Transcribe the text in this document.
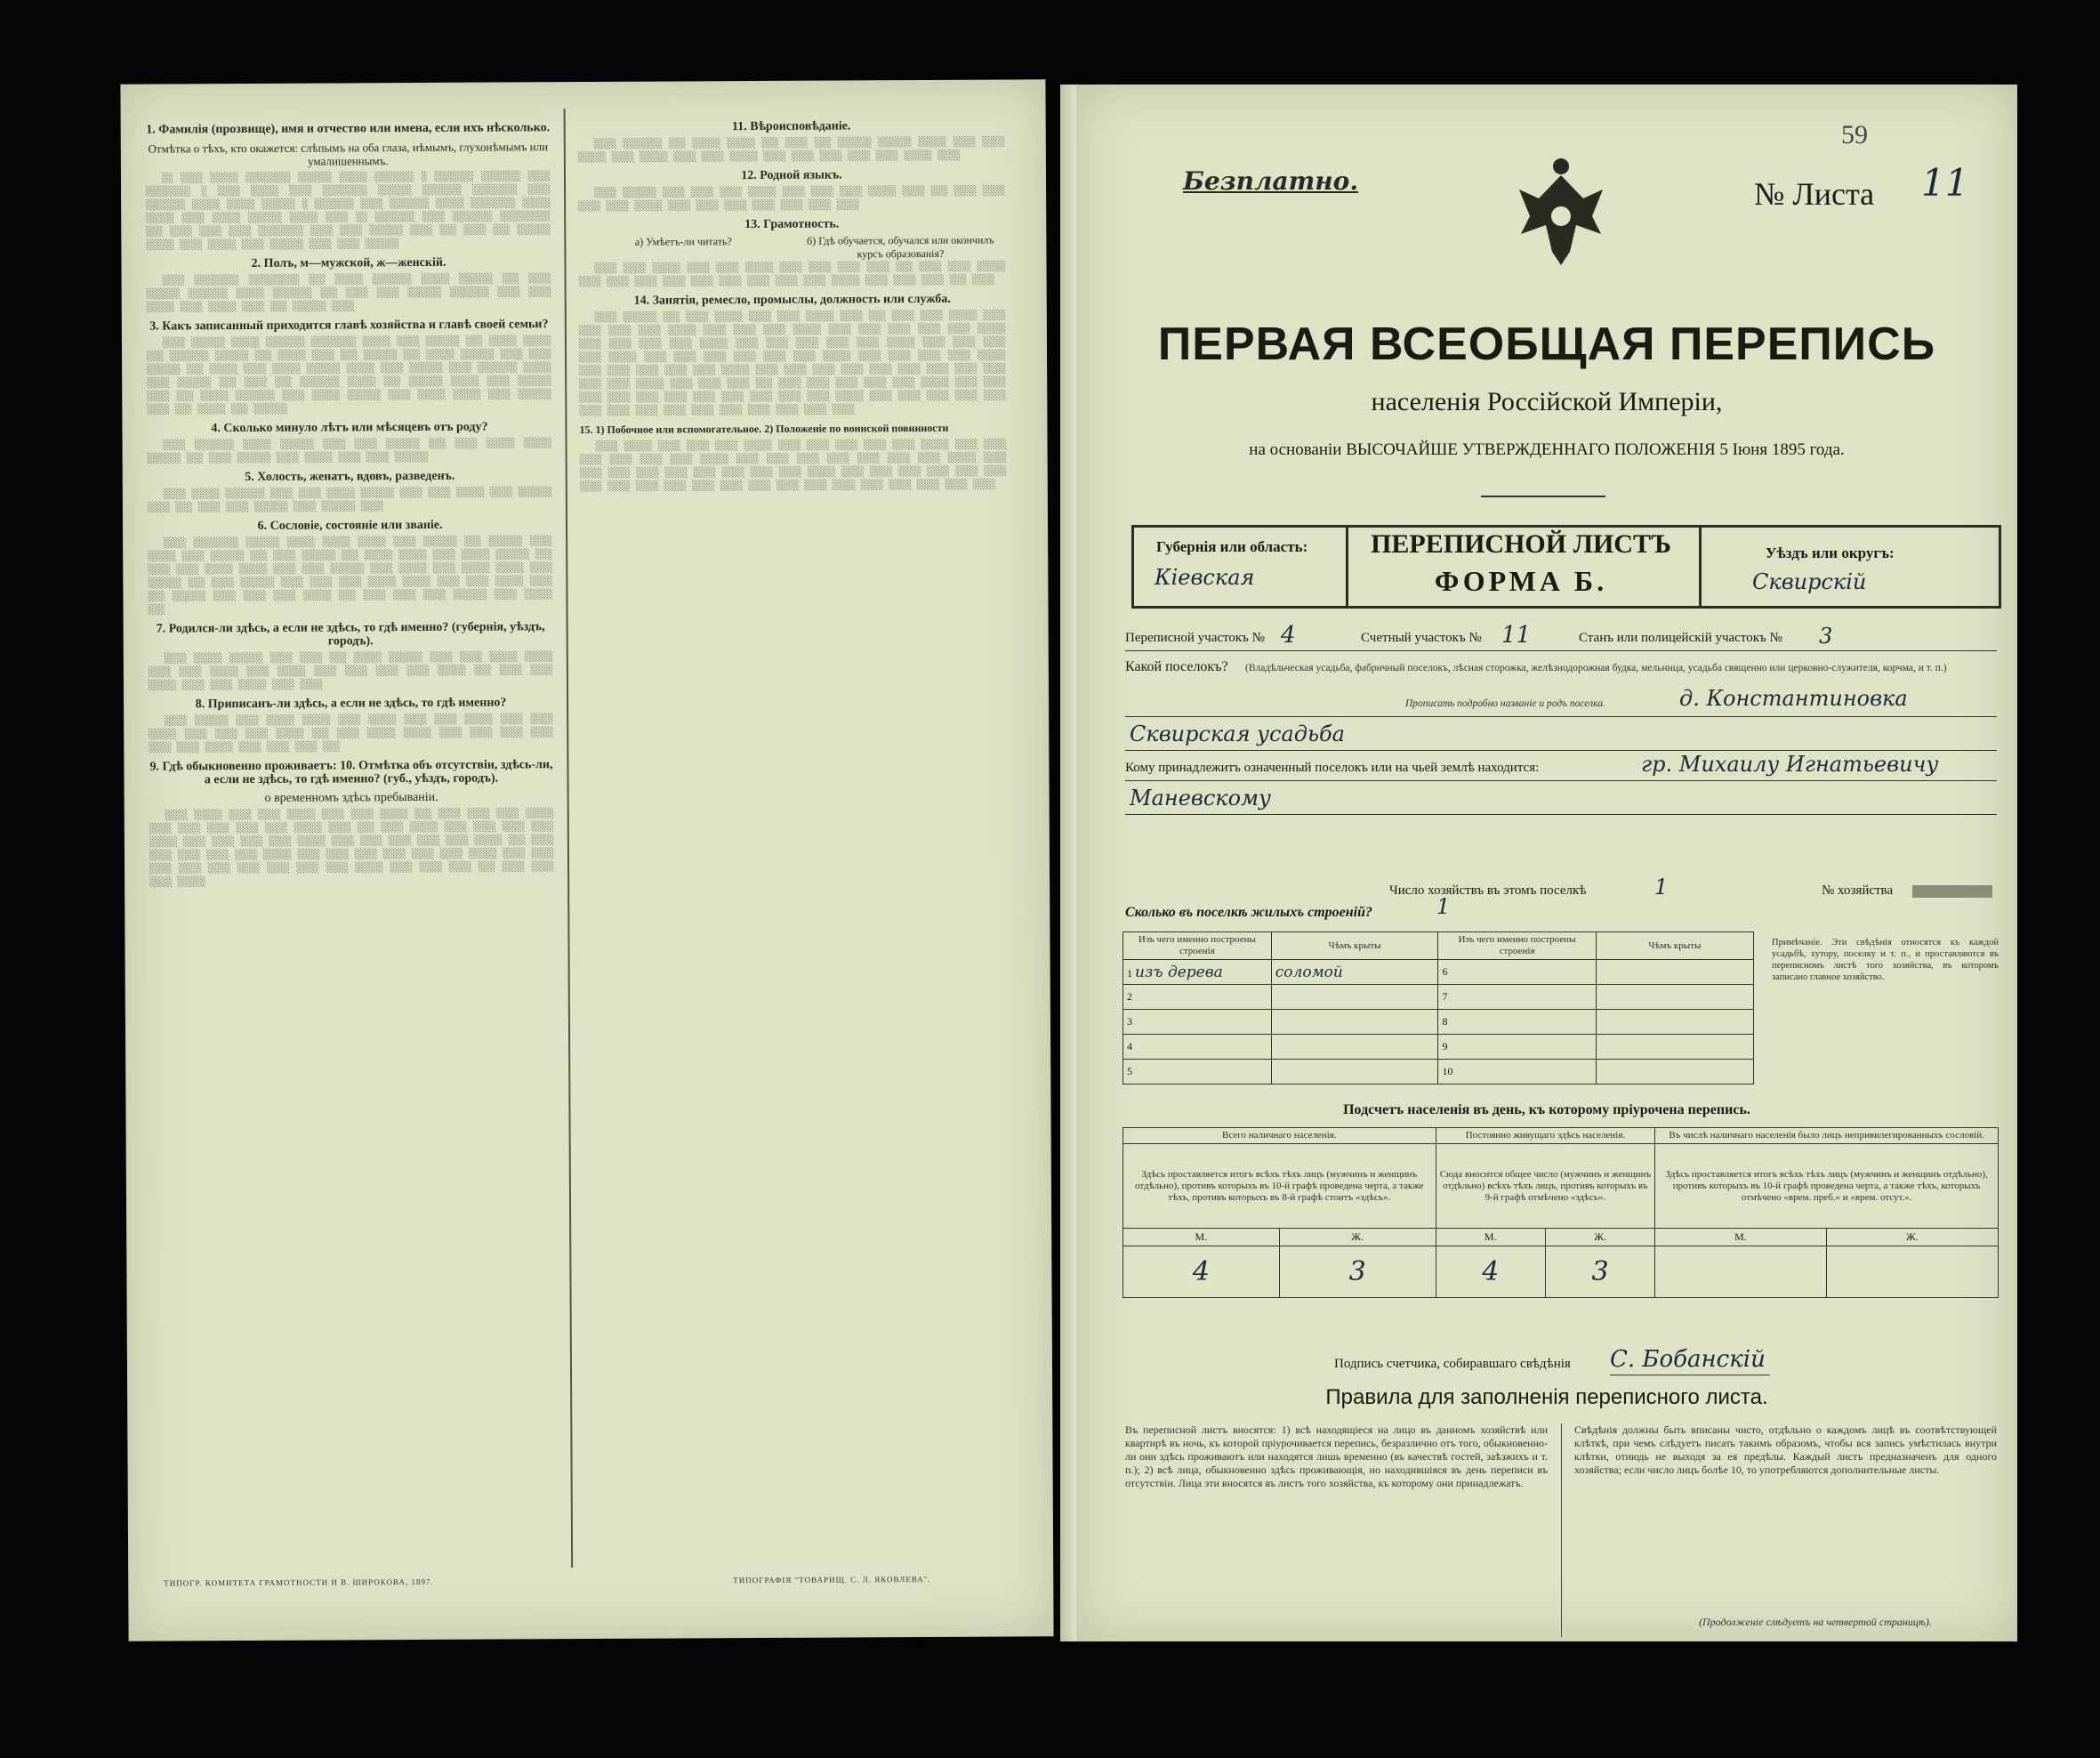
1. Фамилія (прозвище), имя и отчество или имена, если ихъ нѣсколько.
Отмѣтка о тѣхъ, кто окажется: слѣпымъ на оба глаза, нѣмымъ, глухонѣмымъ или умалишеннымъ.

░░ ░░░░ ░░░░░ ░░░░░░░░ ░░░░░░ ░░░░░ ░░░░░░░ ░ ░░░░░░░ ░░░░░░░ ░░░░ ░░░░░░░░ ░ ░░░░ ░░░░░ ░░░░ ░░░░░░░░ ░░░░░░ ░░░░░░░ ░░░░░░░░ ░░░░ ░░░░░░░ ░░░░░ ░░░░░ ░░░░░░ ░ ░░░░░░░ ░░░░ ░░░░░░░ ░░░░░ ░░░░░░░░ ░░░░░ ░░░░░ ░░░░ ░░░░░ ░░░░░░ ░░░░░ ░░░░ ░░ ░░░░░░░ ░░░░ ░░░░░░░ ░░░░░░░░░ ░░░ ░░░░ ░░░░ ░░░░ ░░░░░░░░ ░░░░ ░░░░ ░░░░░░ ░░░░ ░░░ ░░░░ ░░░ ░░░░░░ ░░░░░ ░░░░ ░░░░░ ░░░░ ░░░░░░ ░░░░ ░░░░ ░░░░░░

2. Полъ, м—мужской, ж—женскій.

░░░░ ░░░░░░░░ ░░░░░░░░░ ░░░ ░░░░░ ░░░░░░░ ░░░░░ ░░░░░░ ░░░ ░░░░ ░░░░░░ ░░░░░░░ ░░░░░ ░░░░░░░ ░░░ ░░░░ ░░░░ ░░░░░░ ░░░░░░░ ░░░░ ░░░░ ░░░░░ ░░░░ ░░░░░ ░░░░ ░░░ ░░░░░░ ░░░░

3. Какъ записанный приходится главѣ хозяйства и главѣ своей семьи?

░░░░ ░░░░░░ ░░░░░ ░░░░░░░ ░░░░░░░░ ░░░░░ ░░░░ ░░░░░░ ░░░ ░░░░░ ░░░░░ ░░░ ░░░░░░░ ░░░░░░ ░░░ ░░░░░ ░░░░ ░░░ ░░░░░░ ░░░ ░░░░░ ░░░░░░ ░░░░ ░░░░ ░░░░░░ ░░░ ░░░░░ ░░░░ ░░░░░ ░░░░░░ ░░░░░ ░░░░ ░░░░░░ ░░░░ ░░░░░░░ ░░░░░ ░░░░ ░░░░░░ ░░░ ░░░░ ░░░ ░░░░░░░ ░░░░░ ░░░ ░░░░░░ ░░░░░ ░░░░ ░░░░░░ ░░░░ ░░░ ░░░░░ ░░░░░░░ ░░░░ ░░░░░ ░░░░░░ ░░░░ ░░░░░ ░░░░░ ░░░░ ░░░░░░ ░░░░ ░░░ ░░░░░ ░░░ ░░░░░░

4. Сколько минуло лѣтъ или мѣсяцевъ отъ роду?

░░░░ ░░░░░░░ ░░░░░ ░░░░░░ ░░░░ ░░░░ ░░░░░░ ░░░ ░░░░ ░░░░░ ░░░░░ ░░░░░░ ░░░ ░░░░ ░░░░░░ ░░░░ ░░░░░ ░░░░ ░░░░ ░░░░░░

5. Холость, женатъ, вдовъ, разведенъ.

░░░░ ░░░░░ ░░░░░░░ ░░░░ ░░░░ ░░░░░ ░░░░░░ ░░░░ ░░░░ ░░░░░ ░░░░ ░░░░░░ ░░░░ ░░░ ░░░░ ░░░░ ░░░░░░ ░░░░ ░░░░░░ ░░░░

6. Сословіе, состояніе или званіе.

░░░░ ░░░░░░░░ ░░░░░░ ░░░░░ ░░░░░ ░░░░░ ░░░░ ░░░░░░ ░░░ ░░░░░░ ░░░░ ░░░░░ ░░░░ ░░░░░░ ░░░ ░░░░ ░░░░░░ ░░░ ░░░░░ ░░░░░ ░░░░ ░░░░░ ░░░░░░ ░░░ ░░░░ ░░░░ ░░░░░ ░░░░░ ░░░░ ░░░░ ░░░░░░ ░░░░ ░░░░░ ░░░░ ░░░░░ ░░░░░ ░░░░ ░░░░░░ ░░░ ░░░░ ░░░░░░ ░░░░ ░░░░ ░░░░ ░░░░░ ░░░░░ ░░░░ ░░░░ ░░░░░ ░░░░ ░░░ ░░░░░░ ░░░░ ░░░░ ░░░░ ░░░░░ ░░░ ░░░░ ░░░░ ░░░░ ░░░░░░ ░░░░ ░░░░░ ░░░

7. Родился-ли здѣсь, а если не здѣсь, то гдѣ именно? (губернія, уѣздъ, городъ).

░░░░ ░░░░░ ░░░░░░ ░░░░ ░░░░ ░░░ ░░░░░ ░░░░░░ ░░░░ ░░░░ ░░░░░ ░░░░░ ░░░░ ░░░░ ░░░░░ ░░░░ ░░░░░ ░░░░ ░░░░ ░░░░ ░░░░ ░░░░░ ░░░ ░░░░ ░░░░ ░░░░░ ░░░░ ░░░░ ░░░░░ ░░░░ ░░░░

8. Приписанъ-ли здѣсь, а если не здѣсь, то гдѣ именно?

░░░░ ░░░░░░ ░░░░ ░░░░░ ░░░░░ ░░░░ ░░░░░ ░░░░ ░░░░ ░░░░░ ░░░░ ░░░░ ░░░░░ ░░░░ ░░░░ ░░░░ ░░░░░ ░░░ ░░░░ ░░░░░ ░░░░░ ░░░░ ░░░░ ░░░░ ░░░░ ░░░░ ░░░░ ░░░░░ ░░░░ ░░░░ ░░░░ ░░░

9. Гдѣ обыкновенно проживаетъ: 10. Отмѣтка объ отсутствіи, здѣсь-ли, а если не здѣсь, то гдѣ именно? (губ., уѣздъ, городъ).
о временномъ здѣсь пребываніи.

░░░░ ░░░░░ ░░░░ ░░░░ ░░░░░ ░░░░ ░░░░ ░░░░░ ░░░ ░░░░ ░░░░ ░░░░ ░░░░░ ░░░░ ░░░░ ░░░░ ░░░░ ░░░░ ░░░░░ ░░░░ ░░░ ░░░░ ░░░░░ ░░░░ ░░░░ ░░░░ ░░░░ ░░░░░ ░░░░ ░░░░ ░░░░ ░░░░ ░░░░░ ░░░░ ░░░░ ░░░░ ░░░░ ░░░░ ░░░░░ ░░░ ░░░░ ░░░░ ░░░░ ░░░░ ░░░░ ░░░░░ ░░░░ ░░░░ ░░░░ ░░░░ ░░░░ ░░░░ ░░░░░ ░░░░ ░░░░ ░░░░ ░░░░ ░░░░ ░░░░ ░░░░ ░░░░ ░░░░ ░░░░░ ░░░░ ░░░░ ░░░░ ░░░ ░░░░ ░░░░ ░░░░ ░░░░░

11. Вѣроисповѣданіе.

░░░░ ░░░░░░░ ░░░ ░░░░░ ░░░░░ ░░░ ░░░░ ░░░ ░░░░░░ ░░░░░░ ░░░░░ ░░░░ ░░░░ ░░░░░ ░░░░ ░░░░░ ░░░░ ░░░░ ░░░░░ ░░░░ ░░░░ ░░░░ ░░░░ ░░░░ ░░░░░ ░░░░

12. Родной языкъ.

░░░░ ░░░░░░ ░░░░ ░░░░ ░░░░ ░░░░░ ░░░░ ░░░░ ░░░░ ░░░░░ ░░░░ ░░░ ░░░░ ░░░░ ░░░░ ░░░░ ░░░░░ ░░░░ ░░░░ ░░░░ ░░░░ ░░░░ ░░░░ ░░░░

13. Грамотность.
а) Умѣетъ-ли читать?	б) Гдѣ обучается, обучался или окончилъ курсъ образованія?

░░░░ ░░░░ ░░░░░ ░░░░ ░░░░ ░░░░░ ░░░░ ░░░░ ░░░░ ░░░░ ░░░ ░░░░ ░░░░ ░░░░░ ░░░░ ░░░░ ░░░░ ░░░░ ░░░░ ░░░░ ░░░░ ░░░░ ░░░░ ░░░░░ ░░░░ ░░░░ ░░░░ ░░░ ░░░░

14. Занятія, ремесло, промыслы, должность или служба.

░░░░ ░░░░░░ ░░░ ░░░░ ░░░░░ ░░░░ ░░░░ ░░░░░ ░░░░ ░░░ ░░░░ ░░░░ ░░░░░ ░░░░ ░░░░ ░░░░ ░░░░ ░░░░░ ░░░░ ░░░░ ░░░░ ░░░░░ ░░░░ ░░░░ ░░░░ ░░░░ ░░░░ ░░░░░ ░░░░ ░░░░ ░░░░ ░░░░ ░░░░░ ░░░░ ░░░░ ░░░░ ░░░░ ░░░░ ░░░░░ ░░░░ ░░░░ ░░░░ ░░░░ ░░░░░ ░░░░ ░░░░ ░░░░ ░░░░ ░░░░ ░░░░ ░░░░░ ░░░░ ░░░░ ░░░░ ░░░░ ░░░░░ ░░░░ ░░░░ ░░░░ ░░░░ ░░░░ ░░░░░ ░░░░ ░░░░ ░░░░ ░░░░ ░░░░ ░░░░ ░░░░ ░░░░ ░░░░ ░░░░ ░░░░ ░░░░░ ░░░░ ░░░░ ░░░░ ░░░ ░░░░ ░░░░ ░░░░ ░░░░ ░░░░ ░░░░░ ░░░░ ░░░░ ░░░░ ░░░░ ░░░░ ░░░░ ░░░░ ░░░░ ░░░░ ░░░░ ░░░░ ░░░░░ ░░░░ ░░░░ ░░░░ ░░░░ ░░░░ ░░░░ ░░░░ ░░░░ ░░░░ ░░░░ ░░░░ ░░░░ ░░░░ ░░░░ ░░░░

15. 1) Побочное или вспомогательное. 2) Положеніе по воинской повинности

░░░░ ░░░░░ ░░░░ ░░░░ ░░░░ ░░░░░ ░░░░ ░░░░ ░░░░ ░░░░ ░░░░ ░░░░░ ░░░░ ░░░░ ░░░░ ░░░░ ░░░░ ░░░░ ░░░░░ ░░░░ ░░░░ ░░░░ ░░░░ ░░░░ ░░░░ ░░░░ ░░░░░ ░░░░ ░░░░ ░░░░ ░░░░ ░░░░ ░░░░ ░░░░ ░░░░ ░░░░ ░░░░░ ░░░░ ░░░░ ░░░░ ░░░░ ░░░░ ░░░░ ░░░░ ░░░░ ░░░░ ░░░░ ░░░░ ░░░░ ░░░░ ░░░░ ░░░░ ░░░░ ░░░░ ░░░░ ░░░░ ░░░░ ░░░░

ТИПОГР. КОМИТЕТА ГРАМОТНОСТИ И В. ШИРОКОВА, 1897.	ТИПОГРАФІЯ "ТОВАРИЩ. С. Л. ЯКОВЛЕВА".
59
Безплатно.	№ Листа 11
ПЕРВАЯ ВСЕОБЩАЯ ПЕРЕПИСЬ
населенія Россійской Имперіи,
на основаніи ВЫСОЧАЙШЕ УТВЕРЖДЕННАГО ПОЛОЖЕНІЯ 5 Іюня 1895 года.
Губернія или область:
Кіевская
ПЕРЕПИСНОЙ ЛИСТЪ
ФОРМА Б.
Уѣздъ или округъ:
Сквирскій
Переписной участокъ № 4	Счетный участокъ № 11	Станъ или полицейскій участокъ № 3
Какой поселокъ? (Владѣльческая усадьба, фабричный поселокъ, лѣсная сторожка, желѣзнодорожная будка, мельница, усадьба священно или церковно-служителя, корчма, и т. п.)
Прописать подробно названіе и родъ поселка.	д. Константиновка
Сквирская усадьба
Кому принадлежитъ означенный поселокъ или на чьей землѣ находится:	гр. Михаилу Игнатьевичу
Маневскому
Число хозяйствъ въ этомъ поселкѣ	1	№ хозяйства
Сколько въ поселкѣ жилыхъ строеній?	1
Изъ чего именно построены строенія	Чѣмъ крыты	Изъ чего именно построены строенія	Чѣмъ крыты
1 изъ дерева	соломой	6	
2		7	
3		8	
4		9	
5		10	
Примѣчаніе. Эти свѣдѣнія относятся къ каждой усадьбѣ, хутору, поселку и т. п., и проставляются въ переписномъ листѣ того хозяйства, въ которомъ записано главное хозяйство.
Подсчетъ населенія въ день, къ которому пріурочена перепись.
Всего наличнаго населенія.		Постоянно живущаго здѣсь населенія.		Въ числѣ наличнаго населенія было лицъ непривилегированныхъ сословій.	
Здѣсь проставляется итогъ всѣхъ тѣхъ лицъ (мужчинъ и женщинъ отдѣльно), противъ которыхъ въ 10-й графѣ проведена черта, а также тѣхъ, противъ которыхъ въ 8-й графѣ стоитъ «здѣсь».		Сюда вносится общее число (мужчинъ и женщинъ отдѣльно) всѣхъ тѣхъ лицъ, противъ которыхъ въ 9-й графѣ отмѣчено «здѣсь».		Здѣсь проставляется итогъ всѣхъ тѣхъ лицъ (мужчинъ и женщинъ отдѣльно), противъ которыхъ въ 10-й графѣ проведена черта, а также тѣхъ, которыхъ отмѣчено «врем. преб.» и «врем. отсут.».	
М.	Ж.	М.	Ж.	М.	Ж.
4	3	4	3		
Подпись счетчика, собиравшаго свѣдѣнія С. Бобанскій
Правила для заполненія переписного листа.
Въ переписной листъ вносятся: 1) всѣ находящіеся на лицо въ данномъ хозяйствѣ или квартирѣ въ ночь, къ которой пріурочивается перепись, безразлично отъ того, обыкновенно-ли они здѣсь проживаютъ или находятся лишь временно (въ качествѣ гостей, заѣзжихъ и т. п.); 2) всѣ лица, обыкновенно здѣсь проживающія, но находившіяся въ день переписи въ отсутствіи. Лица эти вносятся въ листъ того хозяйства, къ которому они принадлежатъ.
Свѣдѣнія должны быть вписаны чисто, отдѣльно о каждомъ лицѣ въ соотвѣтствующей клѣткѣ, при чемъ слѣдуетъ писать такимъ образомъ, чтобы вся запись умѣстилась внутри клѣтки, отнюдь не выходя за ея предѣлы. Каждый листъ предназначенъ для одного хозяйства; если число лицъ болѣе 10, то употребляются дополнительные листы.
(Продолженіе слѣдуетъ на четвертой страницѣ).
